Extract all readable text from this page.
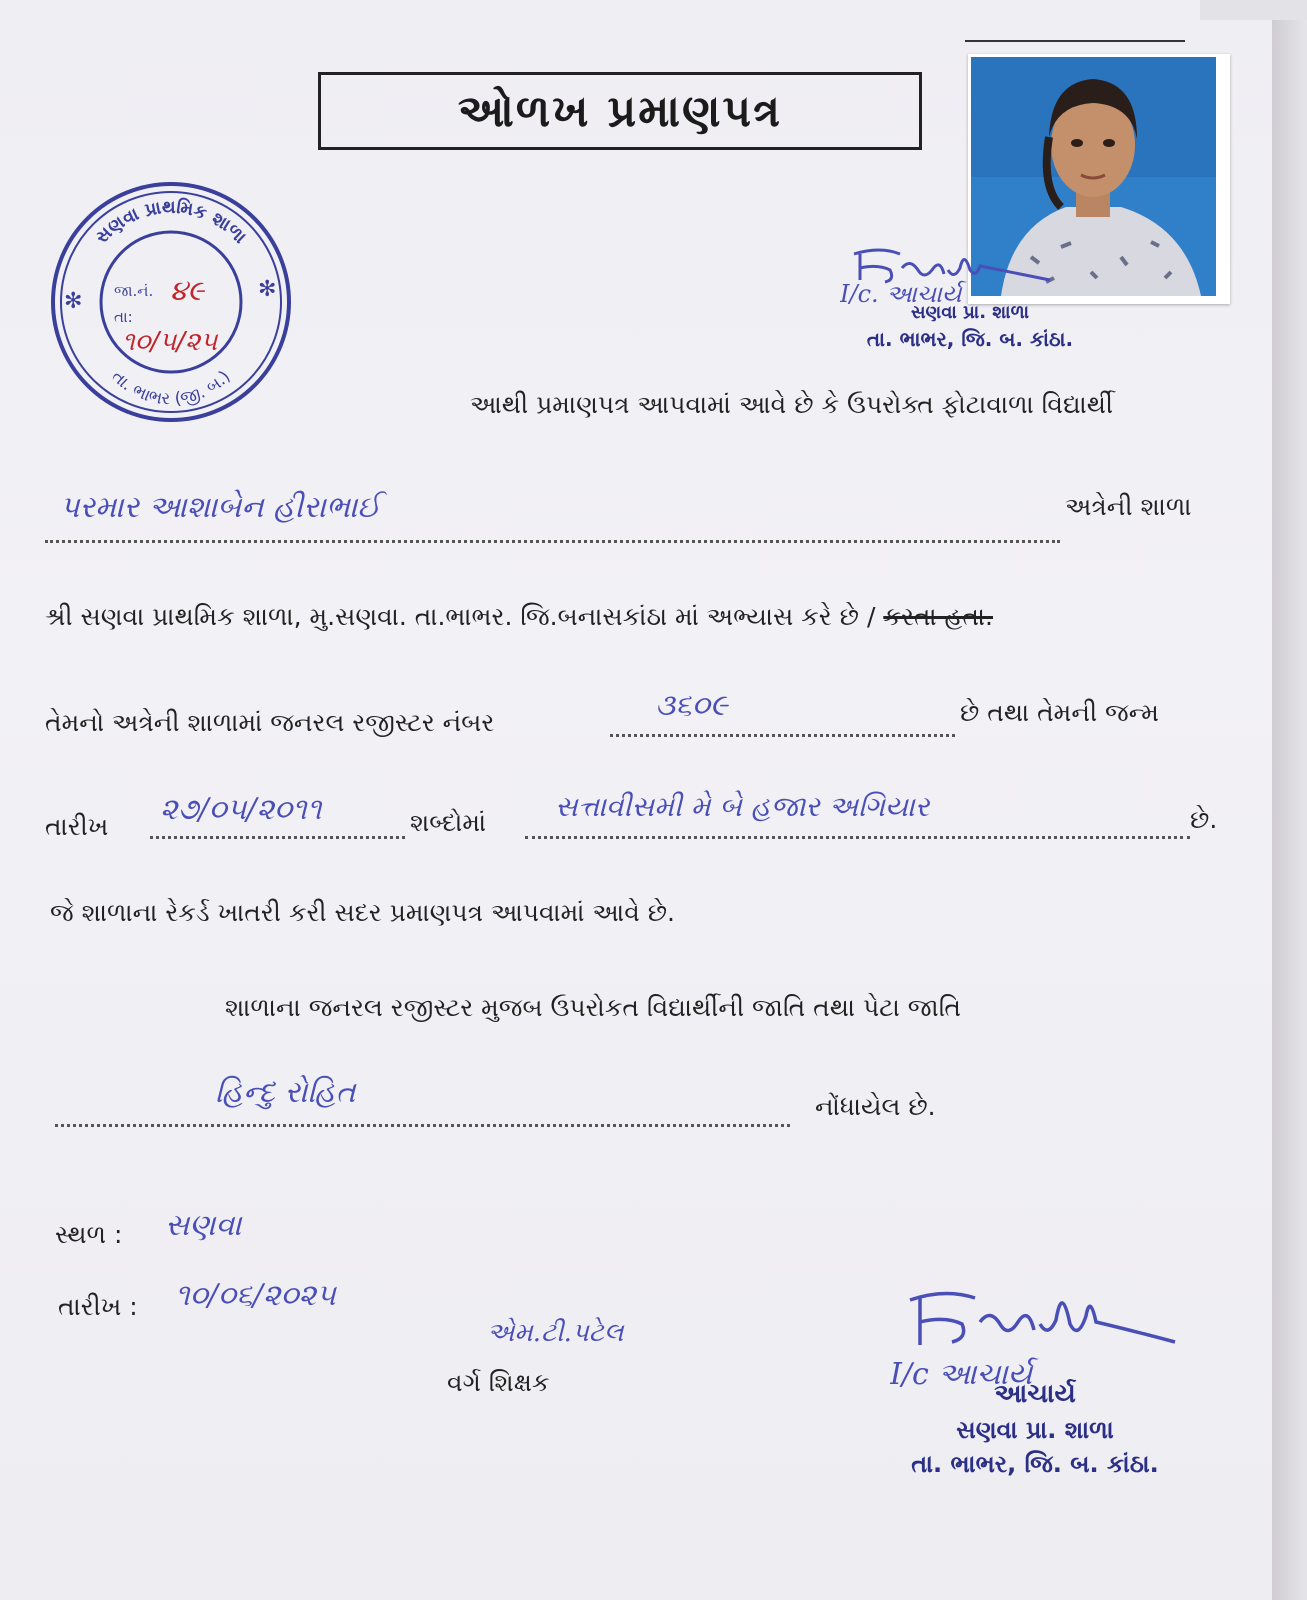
ઓળખ પ્રમાણપત્ર
સણવા પ્રાથમિક શાળા
તા. ભાભર (જી. બ.)
✻	✻
જા.નં. ૪૯
તા:
૧૦/૫/૨૫
I/c. આચાર્ય
સણવા પ્રા. શાળા
તા. ભાભર, જિ. બ. કાંઠા.
આથી પ્રમાણપત્ર આપવામાં આવે છે કે ઉપરોક્ત ફોટાવાળા વિદ્યાર્થી
પરમાર આશાબેન હીરાભાઈ	અત્રેની શાળા
શ્રી સણવા પ્રાથમિક શાળા, મુ.સણવા. તા.ભાભર. જિ.બનાસકાંઠા માં અભ્યાસ કરે છે / કરતા હતા.
તેમનો અત્રેની શાળામાં જનરલ રજીસ્ટર નંબર	૩૬૦૯	છે તથા તેમની જન્મ
તારીખ ૨૭/૦૫/૨૦૧૧	શબ્દોમાં સત્તાવીસમી મે બે હજાર અગિયાર	છે.
જે શાળાના રેકર્ડ ખાતરી કરી સદર પ્રમાણપત્ર આપવામાં આવે છે.
શાળાના જનરલ રજીસ્ટર મુજબ ઉપરોકત વિદ્યાર્થીની જાતિ તથા પેટા જાતિ
હિન્દુ રોહિત	નોંધાયેલ છે.
સ્થળ : સણવા
તારીખ : ૧૦/૦૬/૨૦૨૫
એમ.ટી.પટેલ
વર્ગ શિક્ષક	I/c આચાર્ય
આચાર્ય
સણવા પ્રા. શાળા
તા. ભાભર, જિ. બ. કાંઠા.
